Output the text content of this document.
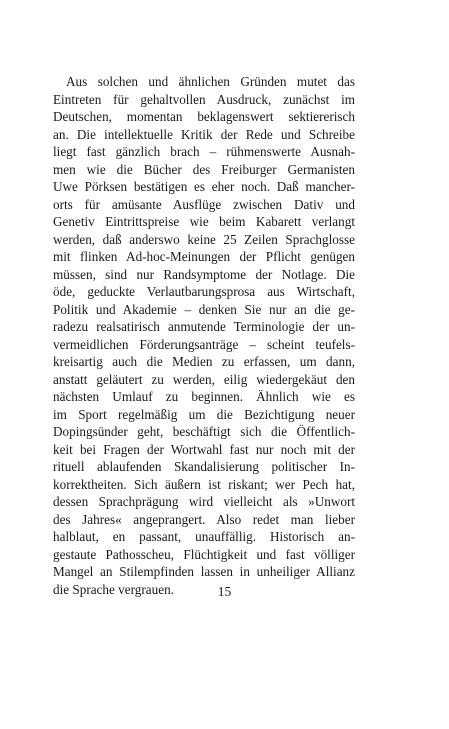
Aus solchen und ähnlichen Gründen mutet das
Eintreten für gehaltvollen Ausdruck, zunächst im
Deutschen, momentan beklagenswert sektiererisch
an. Die intellektuelle Kritik der Rede und Schreibe
liegt fast gänzlich brach – rühmenswerte Ausnah-
men wie die Bücher des Freiburger Germanisten
Uwe Pörksen bestätigen es eher noch. Daß mancher-
orts für amüsante Ausflüge zwischen Dativ und
Genetiv Eintrittspreise wie beim Kabarett verlangt
werden, daß anderswo keine 25 Zeilen Sprachglosse
mit flinken Ad-hoc-Meinungen der Pflicht genügen
müssen, sind nur Randsymptome der Notlage. Die
öde, geduckte Verlautbarungsprosa aus Wirtschaft,
Politik und Akademie – denken Sie nur an die ge-
radezu realsatirisch anmutende Terminologie der un-
vermeidlichen Förderungsanträge – scheint teufels-
kreisartig auch die Medien zu erfassen, um dann,
anstatt geläutert zu werden, eilig wiedergekäut den
nächsten Umlauf zu beginnen. Ähnlich wie es
im Sport regelmäßig um die Bezichtigung neuer
Dopingsünder geht, beschäftigt sich die Öffentlich-
keit bei Fragen der Wortwahl fast nur noch mit der
rituell ablaufenden Skandalisierung politischer In-
korrektheiten. Sich äußern ist riskant; wer Pech hat,
dessen Sprachprägung wird vielleicht als »Unwort
des Jahres« angeprangert. Also redet man lieber
halblaut, en passant, unauffällig. Historisch an-
gestaute Pathosscheu, Flüchtigkeit und fast völliger
Mangel an Stilempfinden lassen in unheiliger Allianz
die Sprache vergrauen.	15
